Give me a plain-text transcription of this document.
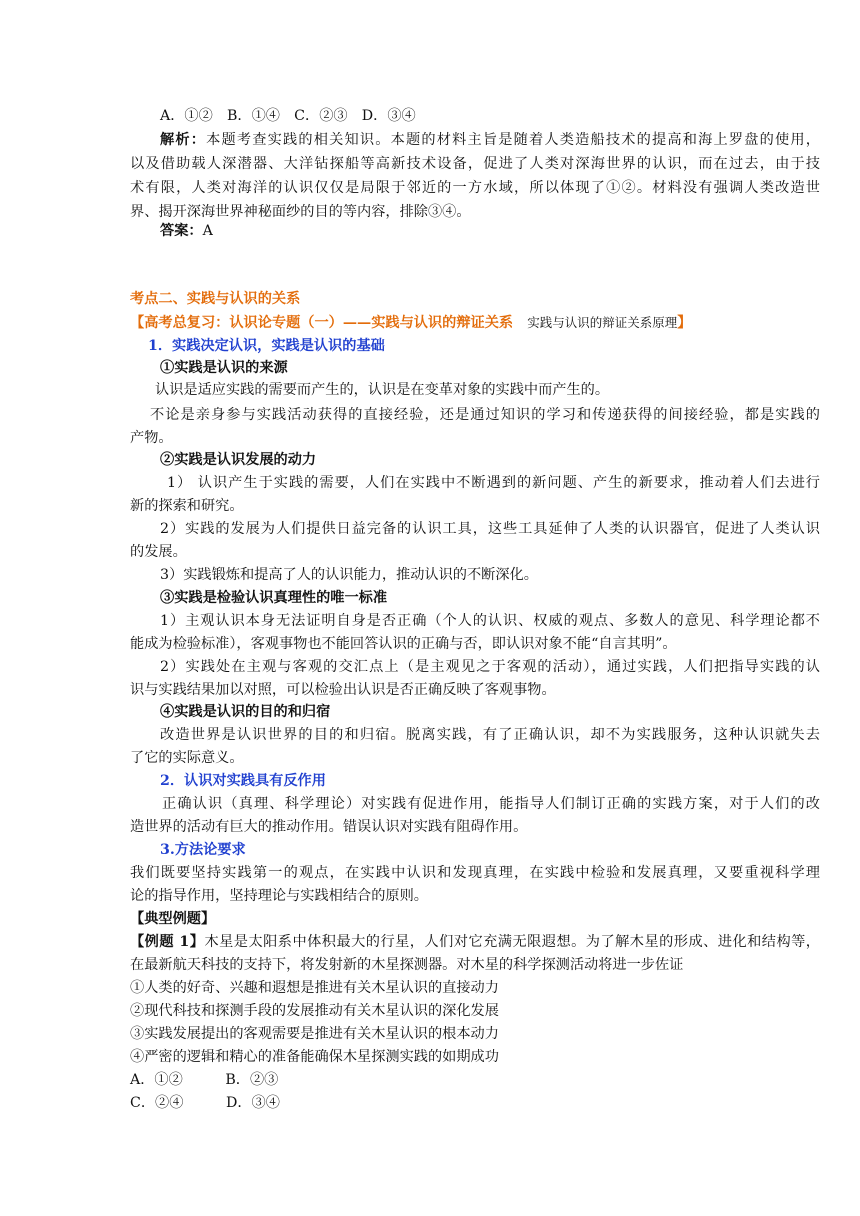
A．①②　B．①④　C．②③　D．③④
解析：本题考查实践的相关知识。本题的材料主旨是随着人类造船技术的提高和海上罗盘的使用，
以及借助载人深潜器、大洋钻探船等高新技术设备，促进了人类对深海世界的认识，而在过去，由于技
术有限，人类对海洋的认识仅仅是局限于邻近的一方水域，所以体现了①②。材料没有强调人类改造世
界、揭开深海世界神秘面纱的目的等内容，排除③④。
答案：A
考点二、实践与认识的关系
【高考总复习：认识论专题（一）——实践与认识的辩证关系　 实践与认识的辩证关系原理】
1．实践决定认识，实践是认识的基础
①实践是认识的来源
认识是适应实践的需要而产生的，认识是在变革对象的实践中而产生的。
不论是亲身参与实践活动获得的直接经验，还是通过知识的学习和传递获得的间接经验，都是实践的
产物。
②实践是认识发展的动力
1） 认识产生于实践的需要，人们在实践中不断遇到的新问题、产生的新要求，推动着人们去进行
新的探索和研究。
2）实践的发展为人们提供日益完备的认识工具，这些工具延伸了人类的认识器官，促进了人类认识
的发展。
3）实践锻炼和提高了人的认识能力，推动认识的不断深化。
③实践是检验认识真理性的唯一标准
1）主观认识本身无法证明自身是否正确（个人的认识、权威的观点、多数人的意见、科学理论都不
能成为检验标准），客观事物也不能回答认识的正确与否，即认识对象不能“自言其明”。
2）实践处在主观与客观的交汇点上（是主观见之于客观的活动），通过实践，人们把指导实践的认
识与实践结果加以对照，可以检验出认识是否正确反映了客观事物。
④实践是认识的目的和归宿
改造世界是认识世界的目的和归宿。脱离实践，有了正确认识，却不为实践服务，这种认识就失去
了它的实际意义。
2．认识对实践具有反作用
正确认识（真理、科学理论）对实践有促进作用，能指导人们制订正确的实践方案，对于人们的改
造世界的活动有巨大的推动作用。错误认识对实践有阻碍作用。
3.方法论要求
我们既要坚持实践第一的观点，在实践中认识和发现真理，在实践中检验和发展真理，又要重视科学理
论的指导作用，坚持理论与实践相结合的原则。
【典型例题】
【例题 1】木星是太阳系中体积最大的行星，人们对它充满无限遐想。为了解木星的形成、进化和结构等，
在最新航天科技的支持下，将发射新的木星探测器。对木星的科学探测活动将进一步佐证
①人类的好奇、兴趣和遐想是推进有关木星认识的直接动力
②现代科技和探测手段的发展推动有关木星认识的深化发展
③实践发展提出的客观需要是推进有关木星认识的根本动力
④严密的逻辑和精心的准备能确保木星探测实践的如期成功
A．①②　　　B．②③
C．②④　　　D．③④
